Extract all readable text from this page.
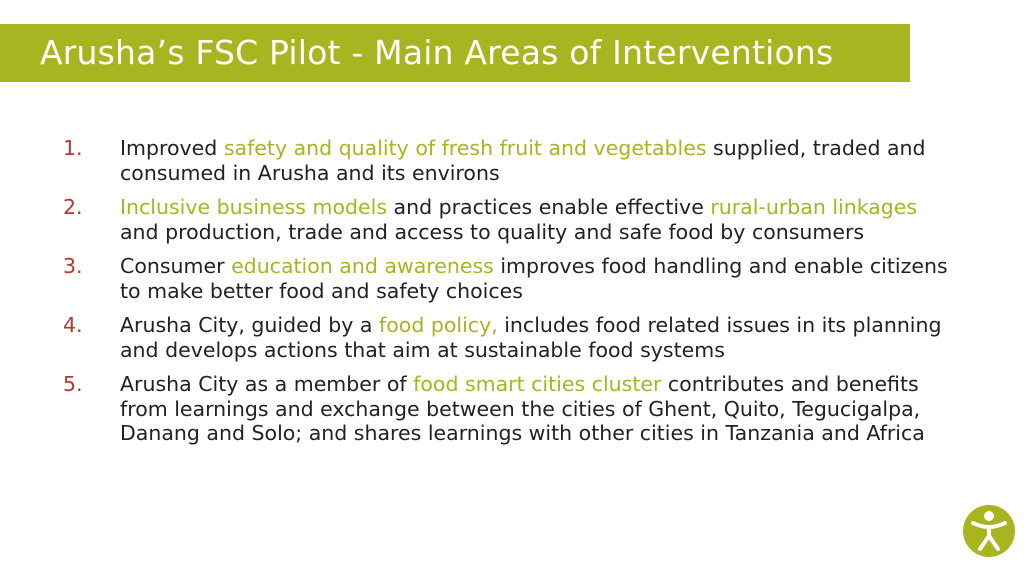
Arusha’s FSC Pilot - Main Areas of Interventions
1. Improved safety and quality of fresh fruit and vegetables supplied, traded and consumed in Arusha and its environs
2. Inclusive business models and practices enable effective rural-urban linkages and production, trade and access to quality and safe food by consumers
3. Consumer education and awareness improves food handling and enable citizens to make better food and safety choices
4. Arusha City, guided by a food policy, includes food related issues in its planning and develops actions that aim at sustainable food systems
5. Arusha City as a member of food smart cities cluster contributes and benefits from learnings and exchange between the cities of Ghent, Quito, Tegucigalpa, Danang and Solo; and shares learnings with other cities in Tanzania and Africa
